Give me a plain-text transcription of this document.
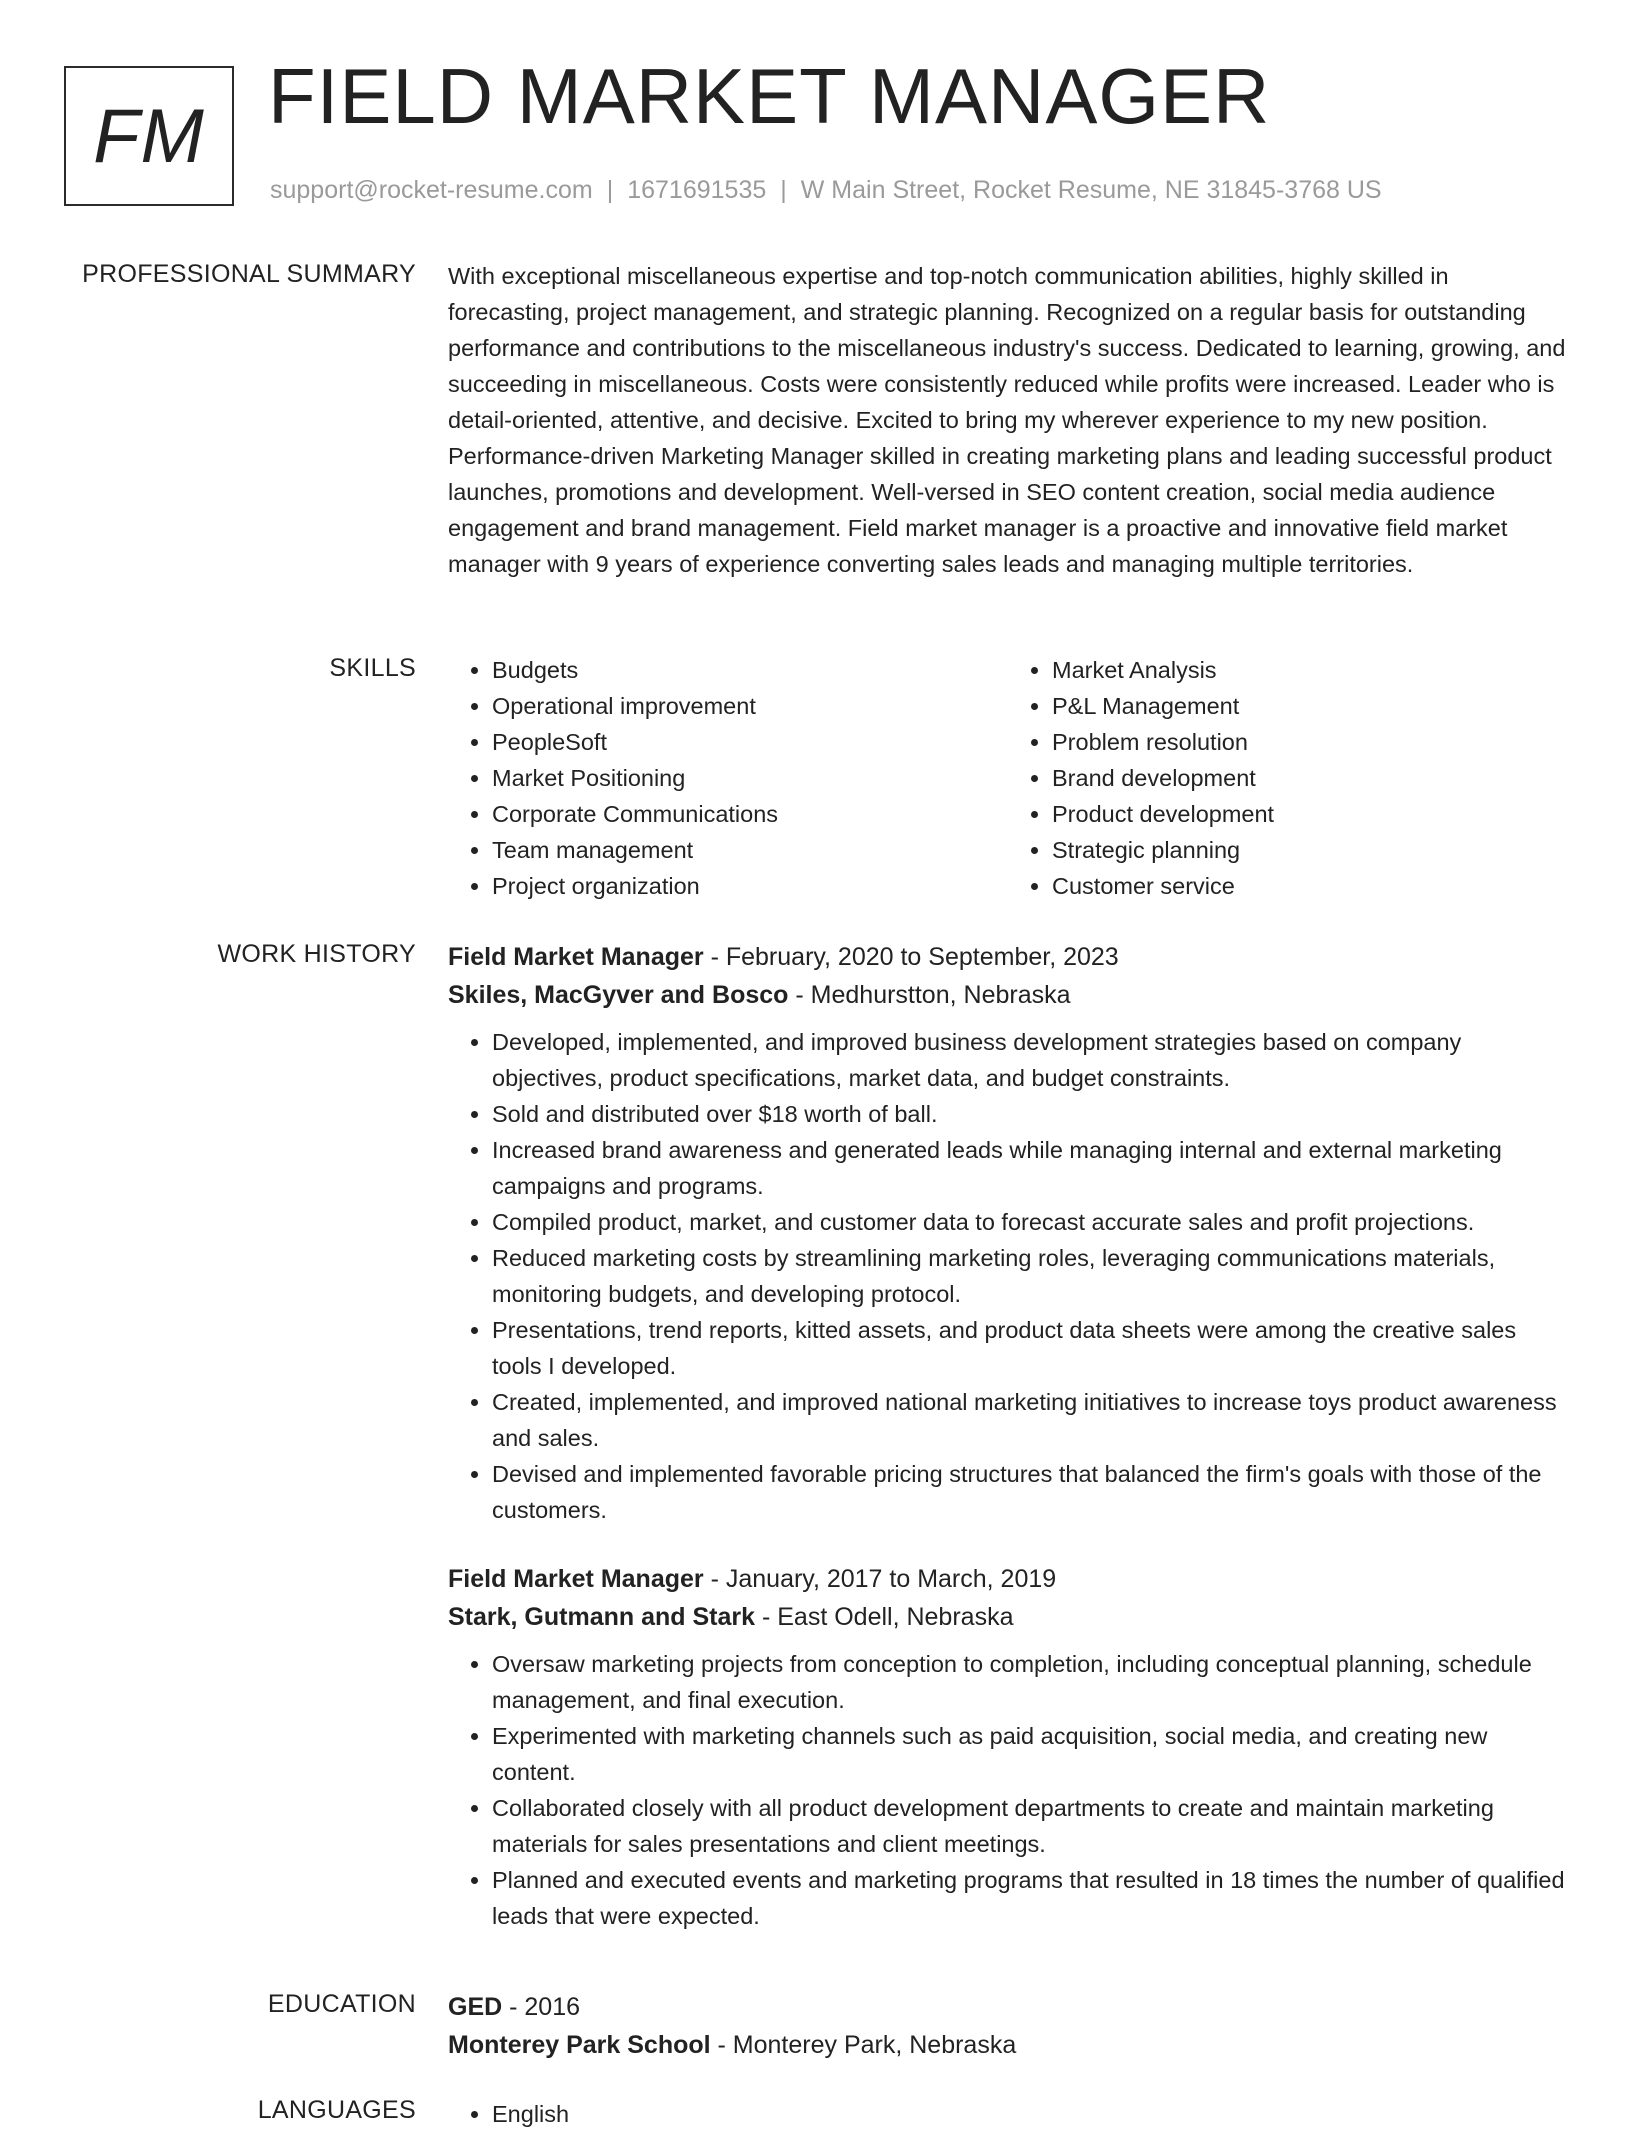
FM FIELD MARKET MANAGER
support@rocket-resume.com | 1671691535 | W Main Street, Rocket Resume, NE 31845-3768 US
PROFESSIONAL SUMMARY With exceptional miscellaneous expertise and top-notch communication abilities, highly skilled in forecasting, project management, and strategic planning. Recognized on a regular basis for outstanding performance and contributions to the miscellaneous industry's success. Dedicated to learning, growing, and succeeding in miscellaneous. Costs were consistently reduced while profits were increased. Leader who is detail-oriented, attentive, and decisive. Excited to bring my wherever experience to my new position. Performance-driven Marketing Manager skilled in creating marketing plans and leading successful product launches, promotions and development. Well-versed in SEO content creation, social media audience engagement and brand management. Field market manager is a proactive and innovative field market manager with 9 years of experience converting sales leads and managing multiple territories.
SKILLS	• Budgets
• Operational improvement
• PeopleSoft
• Market Positioning
• Corporate Communications
• Team management
• Project organization
• Market Analysis
• P&L Management
• Problem resolution
• Brand development
• Product development
• Strategic planning
• Customer service
WORK HISTORY Field Market Manager - February, 2020 to September, 2023
Skiles, MacGyver and Bosco - Medhurstton, Nebraska
• Developed, implemented, and improved business development strategies based on company objectives, product specifications, market data, and budget constraints.
• Sold and distributed over $18 worth of ball.
• Increased brand awareness and generated leads while managing internal and external marketing campaigns and programs.
• Compiled product, market, and customer data to forecast accurate sales and profit projections.
• Reduced marketing costs by streamlining marketing roles, leveraging communications materials, monitoring budgets, and developing protocol.
• Presentations, trend reports, kitted assets, and product data sheets were among the creative sales tools I developed.
• Created, implemented, and improved national marketing initiatives to increase toys product awareness and sales.
• Devised and implemented favorable pricing structures that balanced the firm's goals with those of the customers.
Field Market Manager - January, 2017 to March, 2019
Stark, Gutmann and Stark - East Odell, Nebraska
• Oversaw marketing projects from conception to completion, including conceptual planning, schedule management, and final execution.
• Experimented with marketing channels such as paid acquisition, social media, and creating new content.
• Collaborated closely with all product development departments to create and maintain marketing materials for sales presentations and client meetings.
• Planned and executed events and marketing programs that resulted in 18 times the number of qualified leads that were expected.
EDUCATION GED - 2016
Monterey Park School - Monterey Park, Nebraska
LANGUAGES	• English
